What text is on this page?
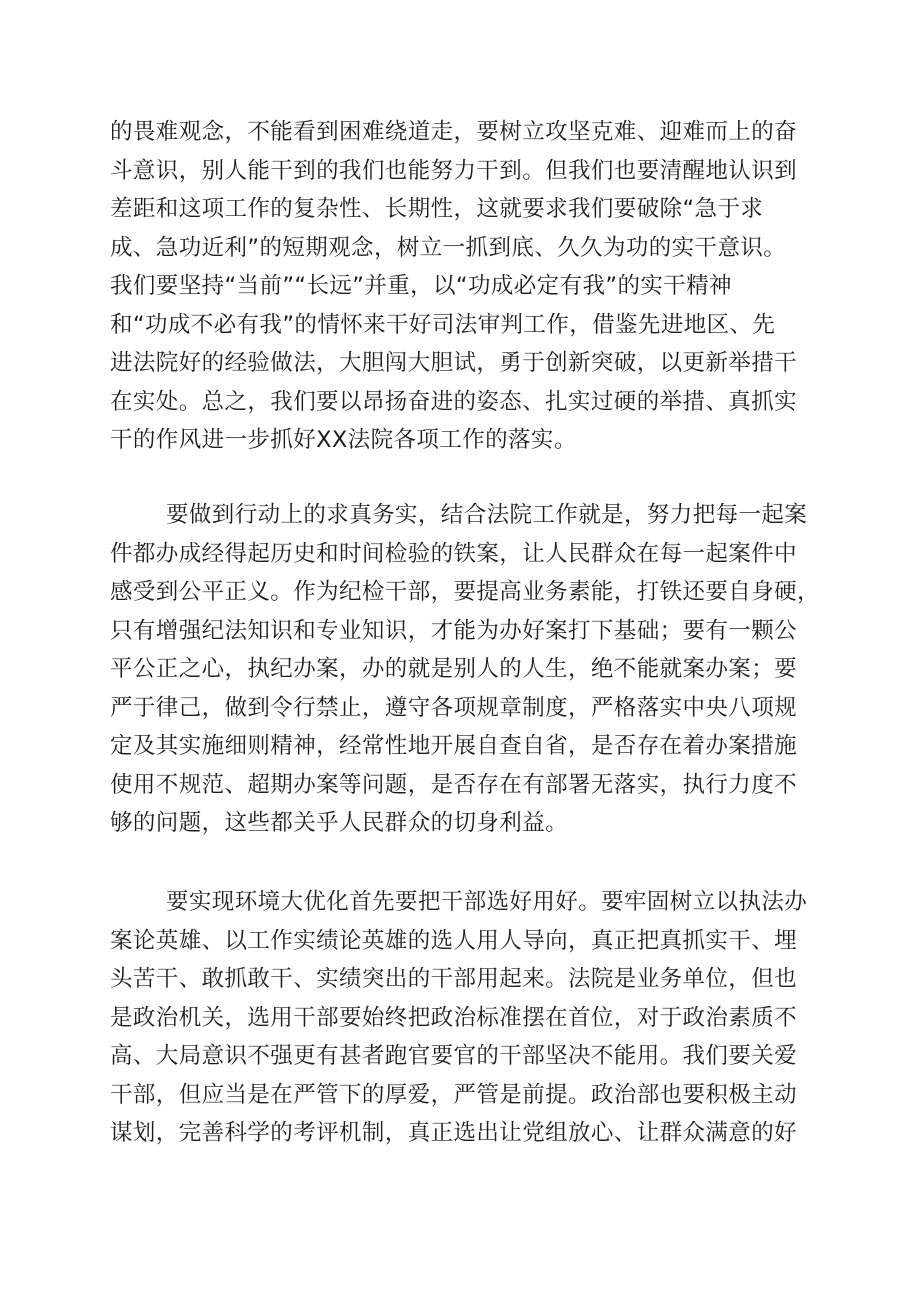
的畏难观念，不能看到困难绕道走，要树立攻坚克难、迎难而上的奋
斗意识，别人能干到的我们也能努力干到。但我们也要清醒地认识到
差距和这项工作的复杂性、长期性，这就要求我们要破除“急于求
成、急功近利”的短期观念，树立一抓到底、久久为功的实干意识。
我们要坚持“当前”“长远”并重，以“功成必定有我”的实干精神
和“功成不必有我”的情怀来干好司法审判工作，借鉴先进地区、先
进法院好的经验做法，大胆闯大胆试，勇于创新突破，以更新举措干
在实处。总之，我们要以昂扬奋进的姿态、扎实过硬的举措、真抓实
干的作风进一步抓好XX法院各项工作的落实。
要做到行动上的求真务实，结合法院工作就是，努力把每一起案
件都办成经得起历史和时间检验的铁案，让人民群众在每一起案件中
感受到公平正义。作为纪检干部，要提高业务素能，打铁还要自身硬，
只有增强纪法知识和专业知识，才能为办好案打下基础；要有一颗公
平公正之心，执纪办案，办的就是别人的人生，绝不能就案办案；要
严于律己，做到令行禁止，遵守各项规章制度，严格落实中央八项规
定及其实施细则精神，经常性地开展自查自省，是否存在着办案措施
使用不规范、超期办案等问题，是否存在有部署无落实，执行力度不
够的问题，这些都关乎人民群众的切身利益。
要实现环境大优化首先要把干部选好用好。要牢固树立以执法办
案论英雄、以工作实绩论英雄的选人用人导向，真正把真抓实干、埋
头苦干、敢抓敢干、实绩突出的干部用起来。法院是业务单位，但也
是政治机关，选用干部要始终把政治标准摆在首位，对于政治素质不
高、大局意识不强更有甚者跑官要官的干部坚决不能用。我们要关爱
干部，但应当是在严管下的厚爱，严管是前提。政治部也要积极主动
谋划，完善科学的考评机制，真正选出让党组放心、让群众满意的好
